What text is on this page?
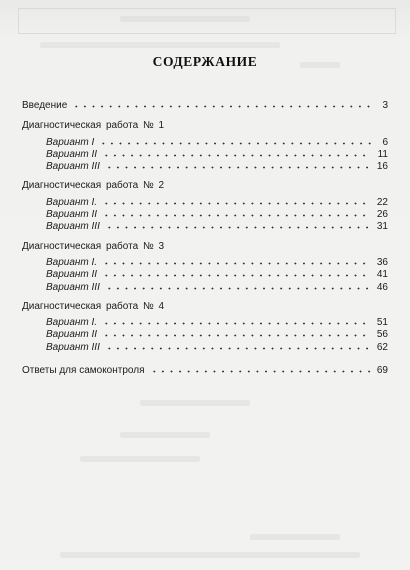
СОДЕРЖАНИЕ
Введение	3
Диагностическая работа № 1
Вариант I	6
Вариант II	11
Вариант III	16
Диагностическая работа № 2
Вариант I.	22
Вариант II	26
Вариант III	31
Диагностическая работа № 3
Вариант I.	36
Вариант II	41
Вариант III	46
Диагностическая работа № 4
Вариант I.	51
Вариант II	56
Вариант III	62
Ответы для самоконтроля	69
